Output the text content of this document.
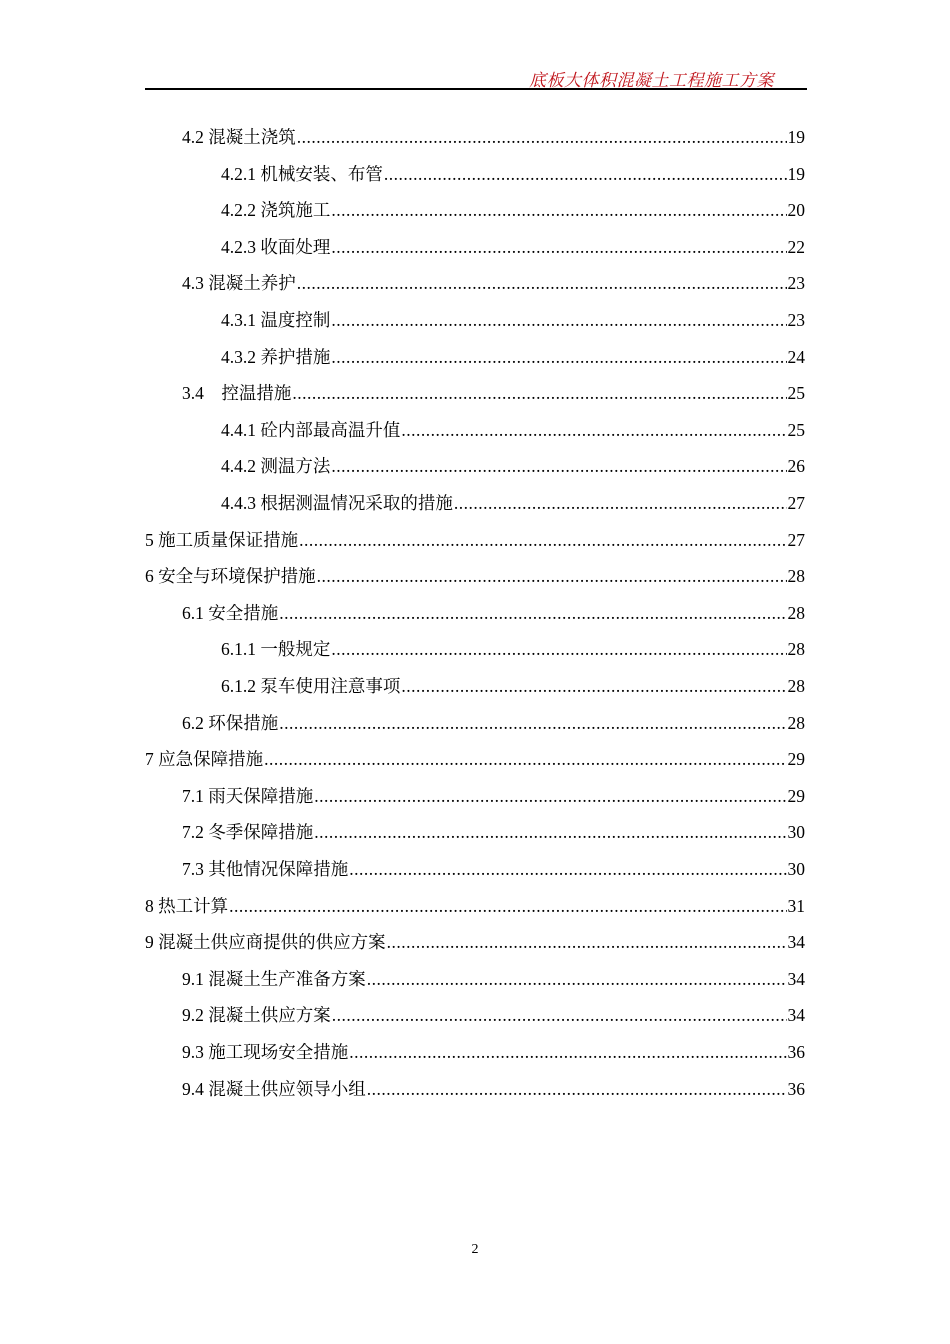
底板大体积混凝土工程施工方案
4.2 混凝土浇筑 .....	19
4.2.1 机械安装、布管 .....	19
4.2.2 浇筑施工 .....	20
4.2.3 收面处理 .....	22
4.3 混凝土养护 .....	23
4.3.1 温度控制 .....	23
4.3.2 养护措施 .....	24
3.4    控温措施 .....	25
4.4.1 砼内部最高温升值 .....	25
4.4.2 测温方法 .....	26
4.4.3 根据测温情况采取的措施 .....	27
5 施工质量保证措施 .....	27
6 安全与环境保护措施 .....	28
6.1 安全措施 .....	28
6.1.1 一般规定 .....	28
6.1.2 泵车使用注意事项 .....	28
6.2 环保措施 .....	28
7 应急保障措施 .....	29
7.1 雨天保障措施 .....	29
7.2 冬季保障措施 .....	30
7.3 其他情况保障措施 .....	30
8 热工计算 .....	31
9 混凝土供应商提供的供应方案 .....	34
9.1 混凝土生产准备方案 .....	34
9.2 混凝土供应方案 .....	34
9.3 施工现场安全措施 .....	36
9.4 混凝土供应领导小组 .....	36
2
